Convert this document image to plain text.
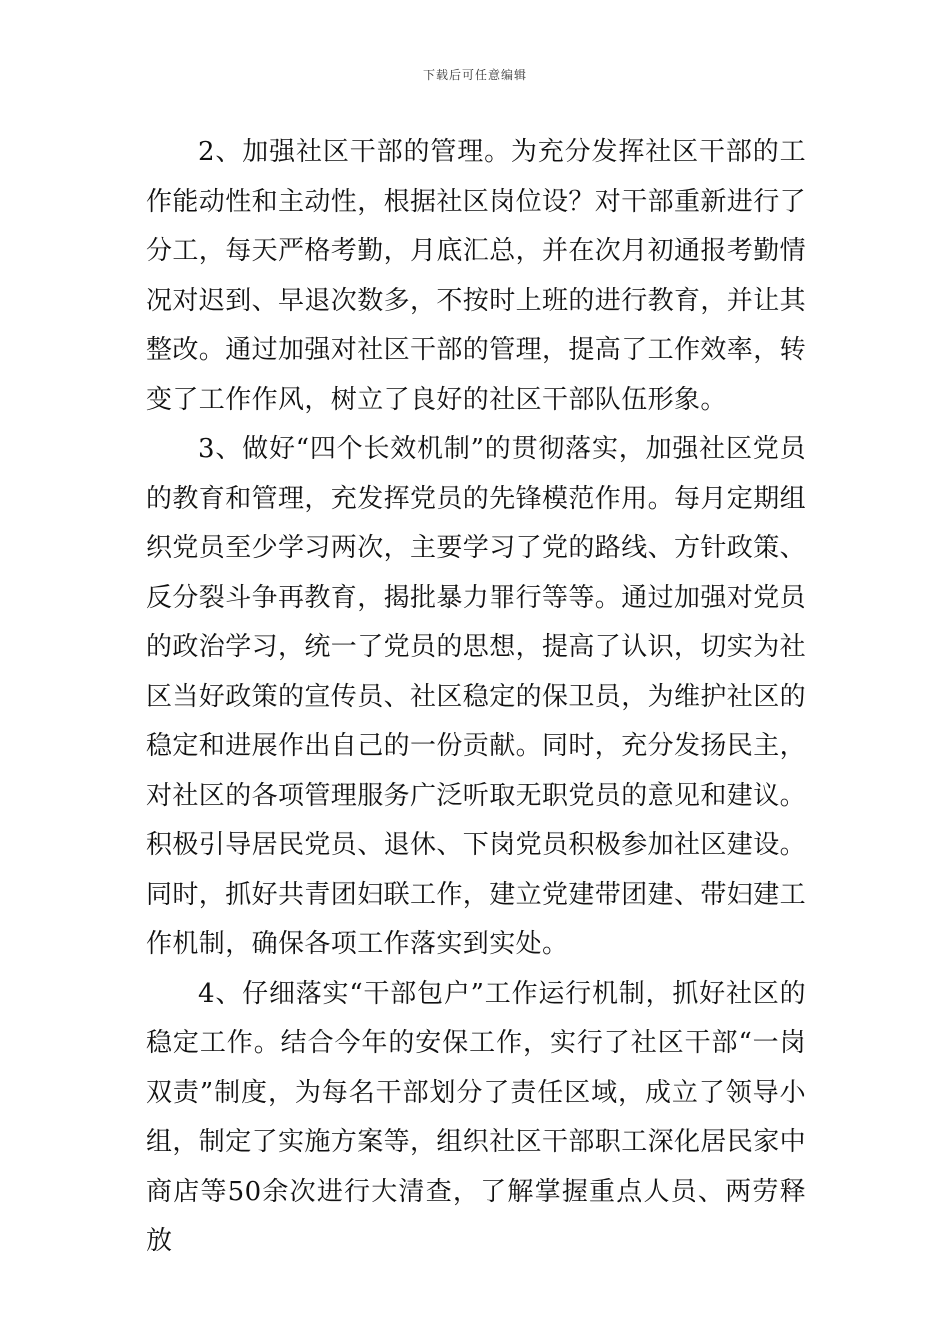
下载后可任意编辑

2、加强社区干部的管理。为充分发挥社区干部的工作能动性和主动性，根据社区岗位设？对干部重新进行了分工，每天严格考勤，月底汇总，并在次月初通报考勤情况对迟到、早退次数多，不按时上班的进行教育，并让其整改。通过加强对社区干部的管理，提高了工作效率，转变了工作作风，树立了良好的社区干部队伍形象。

3、做好“四个长效机制”的贯彻落实，加强社区党员的教育和管理，充发挥党员的先锋模范作用。每月定期组织党员至少学习两次，主要学习了党的路线、方针政策、反分裂斗争再教育，揭批暴力罪行等等。通过加强对党员的政治学习，统一了党员的思想，提高了认识，切实为社区当好政策的宣传员、社区稳定的保卫员，为维护社区的稳定和进展作出自己的一份贡献。同时，充分发扬民主，对社区的各项管理服务广泛听取无职党员的意见和建议。积极引导居民党员、退休、下岗党员积极参加社区建设。同时，抓好共青团妇联工作，建立党建带团建、带妇建工作机制，确保各项工作落实到实处。

4、仔细落实“干部包户”工作运行机制，抓好社区的稳定工作。结合今年的安保工作，实行了社区干部“一岗双责”制度，为每名干部划分了责任区域，成立了领导小组，制定了实施方案等，组织社区干部职工深化居民家中商店等50余次进行大清查，了解掌握重点人员、两劳释放
